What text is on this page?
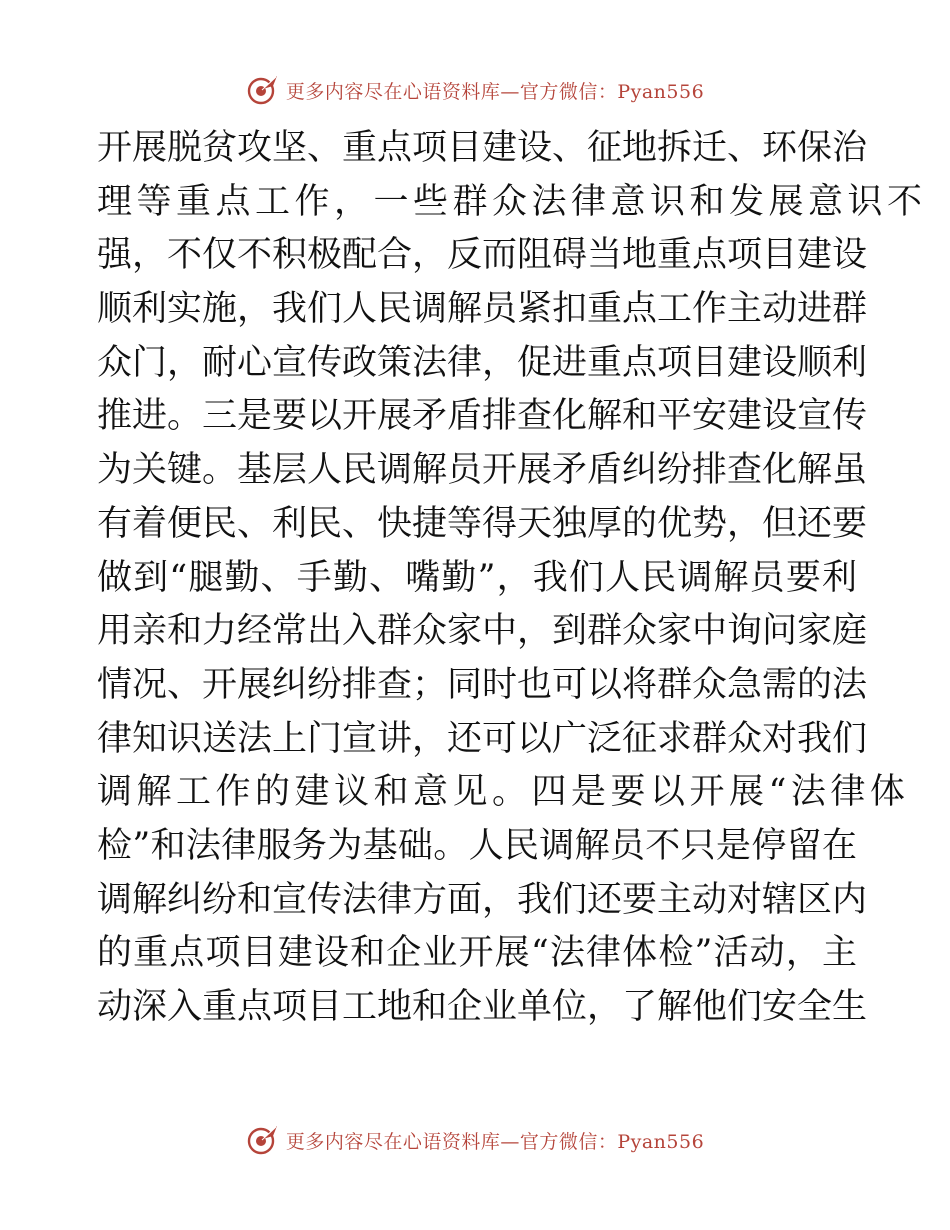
更多内容尽在心语资料库—官方微信：Pyan556
开展脱贫攻坚、重点项目建设、征地拆迁、环保治
理等重点工作，一些群众法律意识和发展意识不
强，不仅不积极配合，反而阻碍当地重点项目建设
顺利实施，我们人民调解员紧扣重点工作主动进群
众门，耐心宣传政策法律，促进重点项目建设顺利
推进。三是要以开展矛盾排查化解和平安建设宣传
为关键。基层人民调解员开展矛盾纠纷排查化解虽
有着便民、利民、快捷等得天独厚的优势，但还要
做到“腿勤、手勤、嘴勤”，我们人民调解员要利
用亲和力经常出入群众家中，到群众家中询问家庭
情况、开展纠纷排查；同时也可以将群众急需的法
律知识送法上门宣讲，还可以广泛征求群众对我们
调解工作的建议和意见。四是要以开展“法律体
检”和法律服务为基础。人民调解员不只是停留在
调解纠纷和宣传法律方面，我们还要主动对辖区内
的重点项目建设和企业开展“法律体检”活动，主
动深入重点项目工地和企业单位，了解他们安全生
更多内容尽在心语资料库—官方微信：Pyan556
